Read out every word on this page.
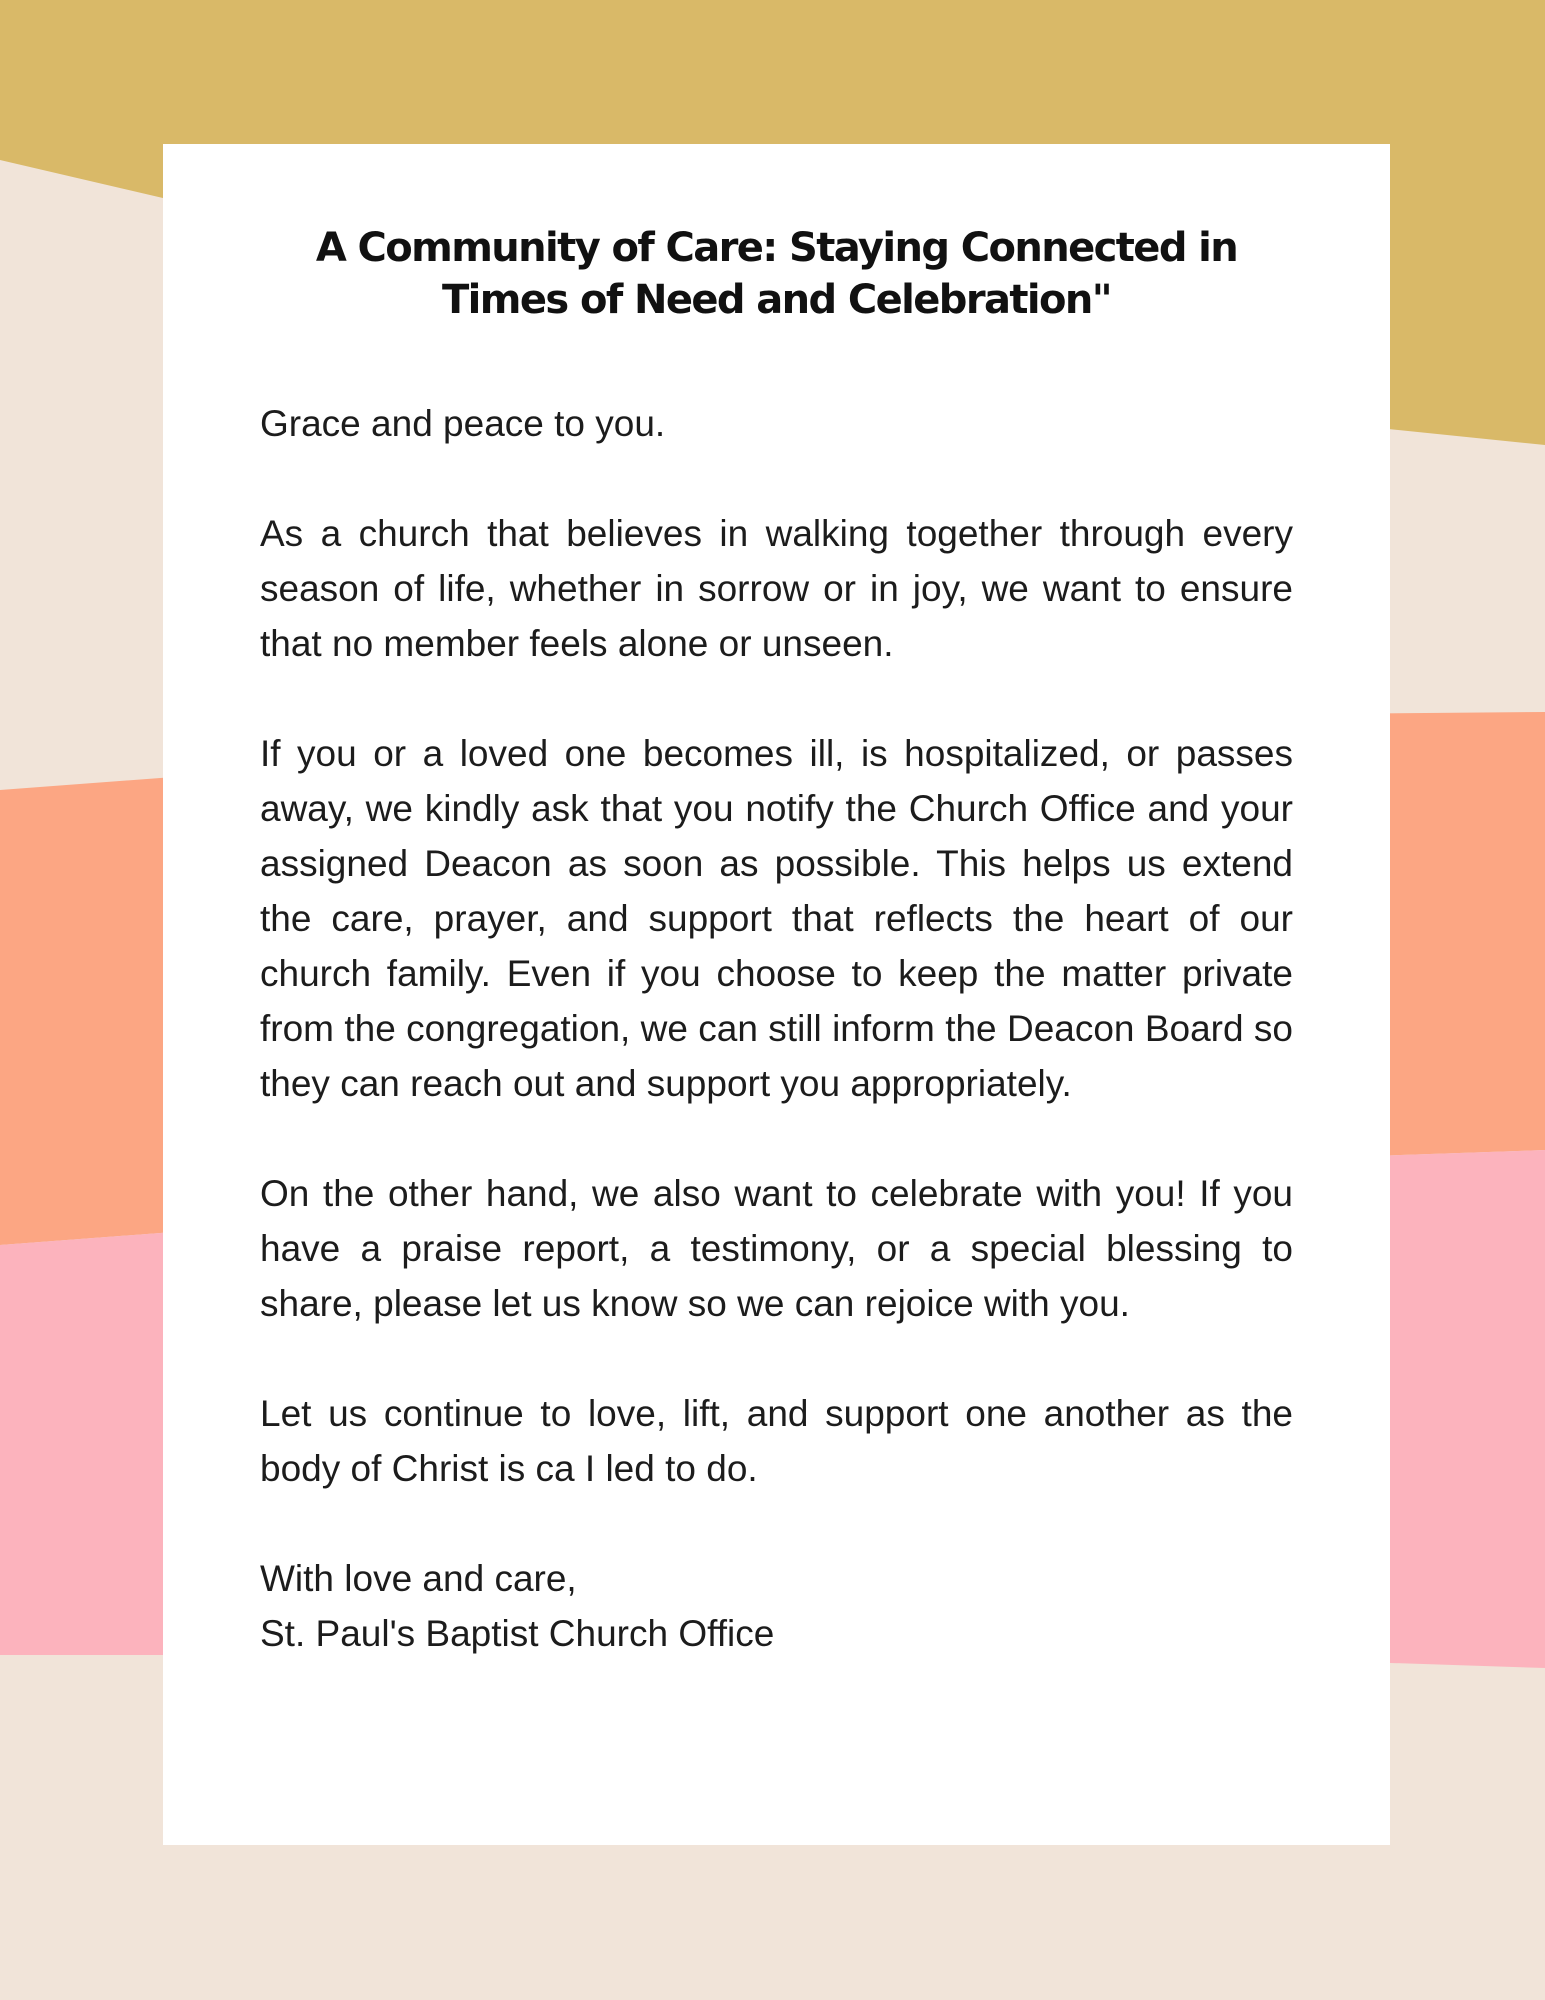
A Community of Care: Staying Connected in Times of Need and Celebration"

Grace and peace to you.

As a church that believes in walking together through every season of life, whether in sorrow or in joy, we want to ensure that no member feels alone or unseen.

If you or a loved one becomes ill, is hospitalized, or passes away, we kindly ask that you notify the Church Office and your assigned Deacon as soon as possible. This helps us extend the care, prayer, and support that reflects the heart of our church family. Even if you choose to keep the matter private from the congregation, we can still inform the Deacon Board so they can reach out and support you appropriately.

On the other hand, we also want to celebrate with you! If you have a praise report, a testimony, or a special blessing to share, please let us know so we can rejoice with you.

Let us continue to love, lift, and support one another as the body of Christ is ca I led to do.

With love and care,
St. Paul's Baptist Church Office
